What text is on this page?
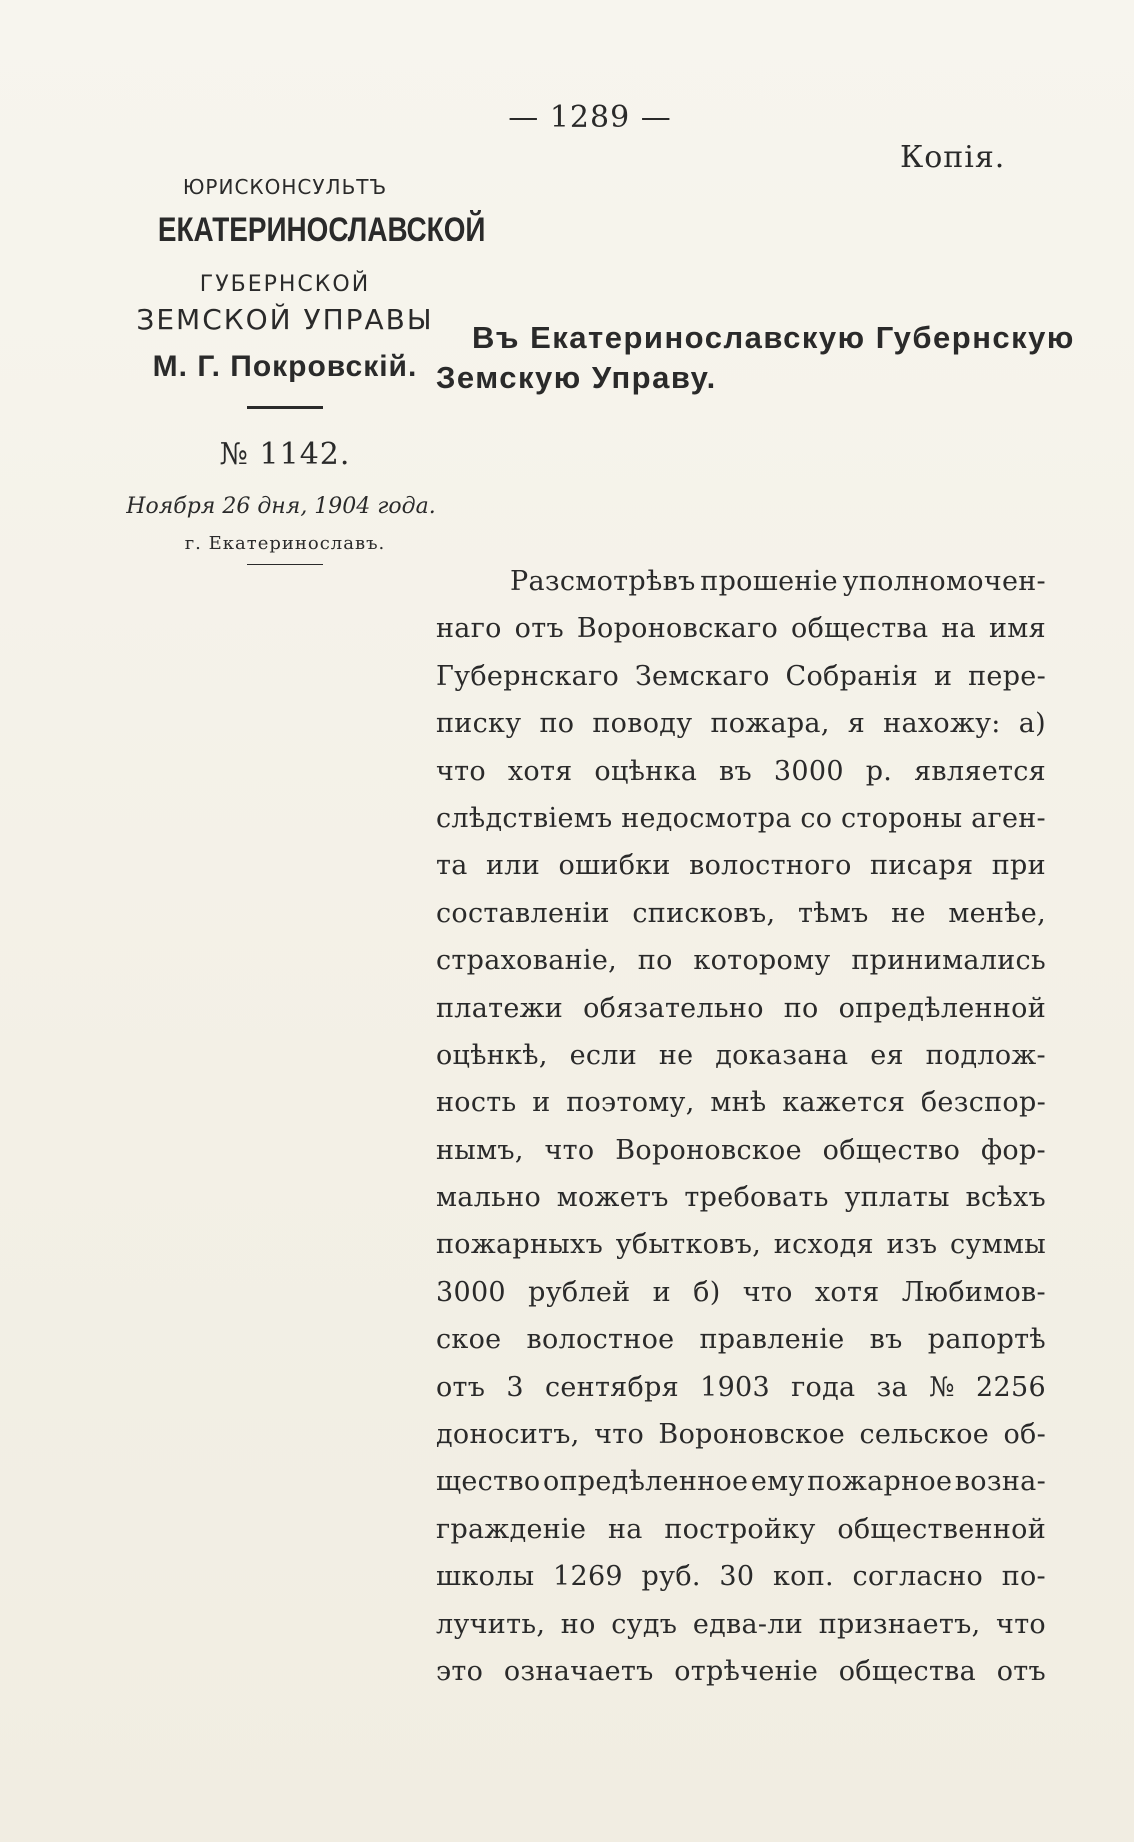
— 1289 —
Копія.
ЮРИСКОНСУЛЬТЪ
ЕКАТЕРИНОСЛАВСКОЙ
ГУБЕРНСКОЙ
ЗЕМСКОЙ УПРАВЫ
М. Г. Покровскій.
№ 1142.
Ноября 26 дня, 1904 года.
г. Екатеринославъ.
Въ Екатеринославскую Губернскую
Земскую Управу.
Разсмотрѣвъ прошеніе уполномочен-
наго отъ Вороновскаго общества на имя
Губернскаго Земскаго Собранія и пере-
писку по поводу пожара, я нахожу: а)
что хотя оцѣнка въ 3000 р. является
слѣдствіемъ недосмотра со стороны аген-
та или ошибки волостного писаря при
составленіи списковъ, тѣмъ не менѣе,
страхованіе, по которому принимались
платежи обязательно по опредѣленной
оцѣнкѣ, если не доказана ея подлож-
ность и поэтому, мнѣ кажется безспор-
нымъ, что Вороновское общество фор-
мально можетъ требовать уплаты всѣхъ
пожарныхъ убытковъ, исходя изъ суммы
3000 рублей и б) что хотя Любимов-
ское волостное правленіе въ рапортѣ
отъ 3 сентября 1903 года за № 2256
доноситъ, что Вороновское сельское об-
щество опредѣленное ему пожарное возна-
гражденіе на постройку общественной
школы 1269 руб. 30 коп. согласно по-
лучить, но судъ едва-ли признаетъ, что
это означаетъ отрѣченіе общества отъ
